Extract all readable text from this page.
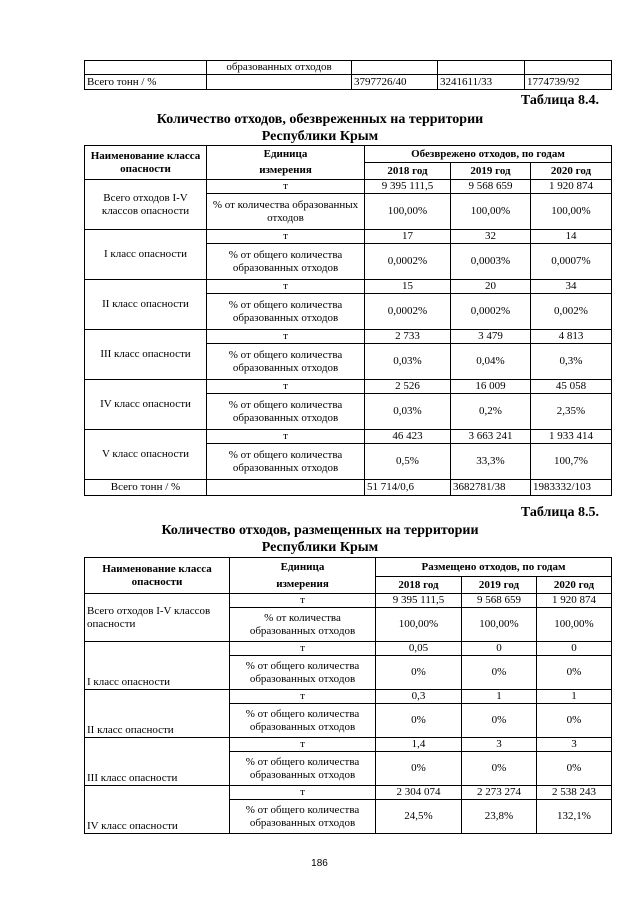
	образованных отходов			
Всего тонн / %		3797726/40	3241611/33	1774739/92
Таблица 8.4.
Количество отходов, обезвреженных на территории
Республики Крым
Наименование класса опасности	Единица	Обезврежено отходов, по годам		
	измерения	2018 год	2019 год	2020 год
Всего отходов I-V классов опасности	т	9 395 111,5	9 568 659	1 920 874
	% от количества образованных отходов	100,00%	100,00%	100,00%
I класс опасности	т	17	32	14
	% от общего количества образованных отходов	0,0002%	0,0003%	0,0007%
II класс опасности	т	15	20	34
	% от общего количества образованных отходов	0,0002%	0,0002%	0,002%
III класс опасности	т	2 733	3 479	4 813
	% от общего количества образованных отходов	0,03%	0,04%	0,3%
IV класс опасности	т	2 526	16 009	45 058
	% от общего количества образованных отходов	0,03%	0,2%	2,35%
V класс опасности	т	46 423	3 663 241	1 933 414
	% от общего количества образованных отходов	0,5%	33,3%	100,7%
Всего тонн / %		51 714/0,6	3682781/38	1983332/103
Таблица 8.5.
Количество отходов, размещенных на территории
Республики Крым
Наименование класса опасности	Единица	Размещено отходов, по годам		
	измерения	2018 год	2019 год	2020 год
Всего отходов I-V классов опасности	т	9 395 111,5	9 568 659	1 920 874
	% от количества образованных отходов	100,00%	100,00%	100,00%
I класс опасности	т	0,05	0	0
	% от общего количества образованных отходов	0%	0%	0%
II класс опасности	т	0,3	1	1
	% от общего количества образованных отходов	0%	0%	0%
III класс опасности	т	1,4	3	3
	% от общего количества образованных отходов	0%	0%	0%
IV класс опасности	т	2 304 074	2 273 274	2 538 243
	% от общего количества образованных отходов	24,5%	23,8%	132,1%
186
